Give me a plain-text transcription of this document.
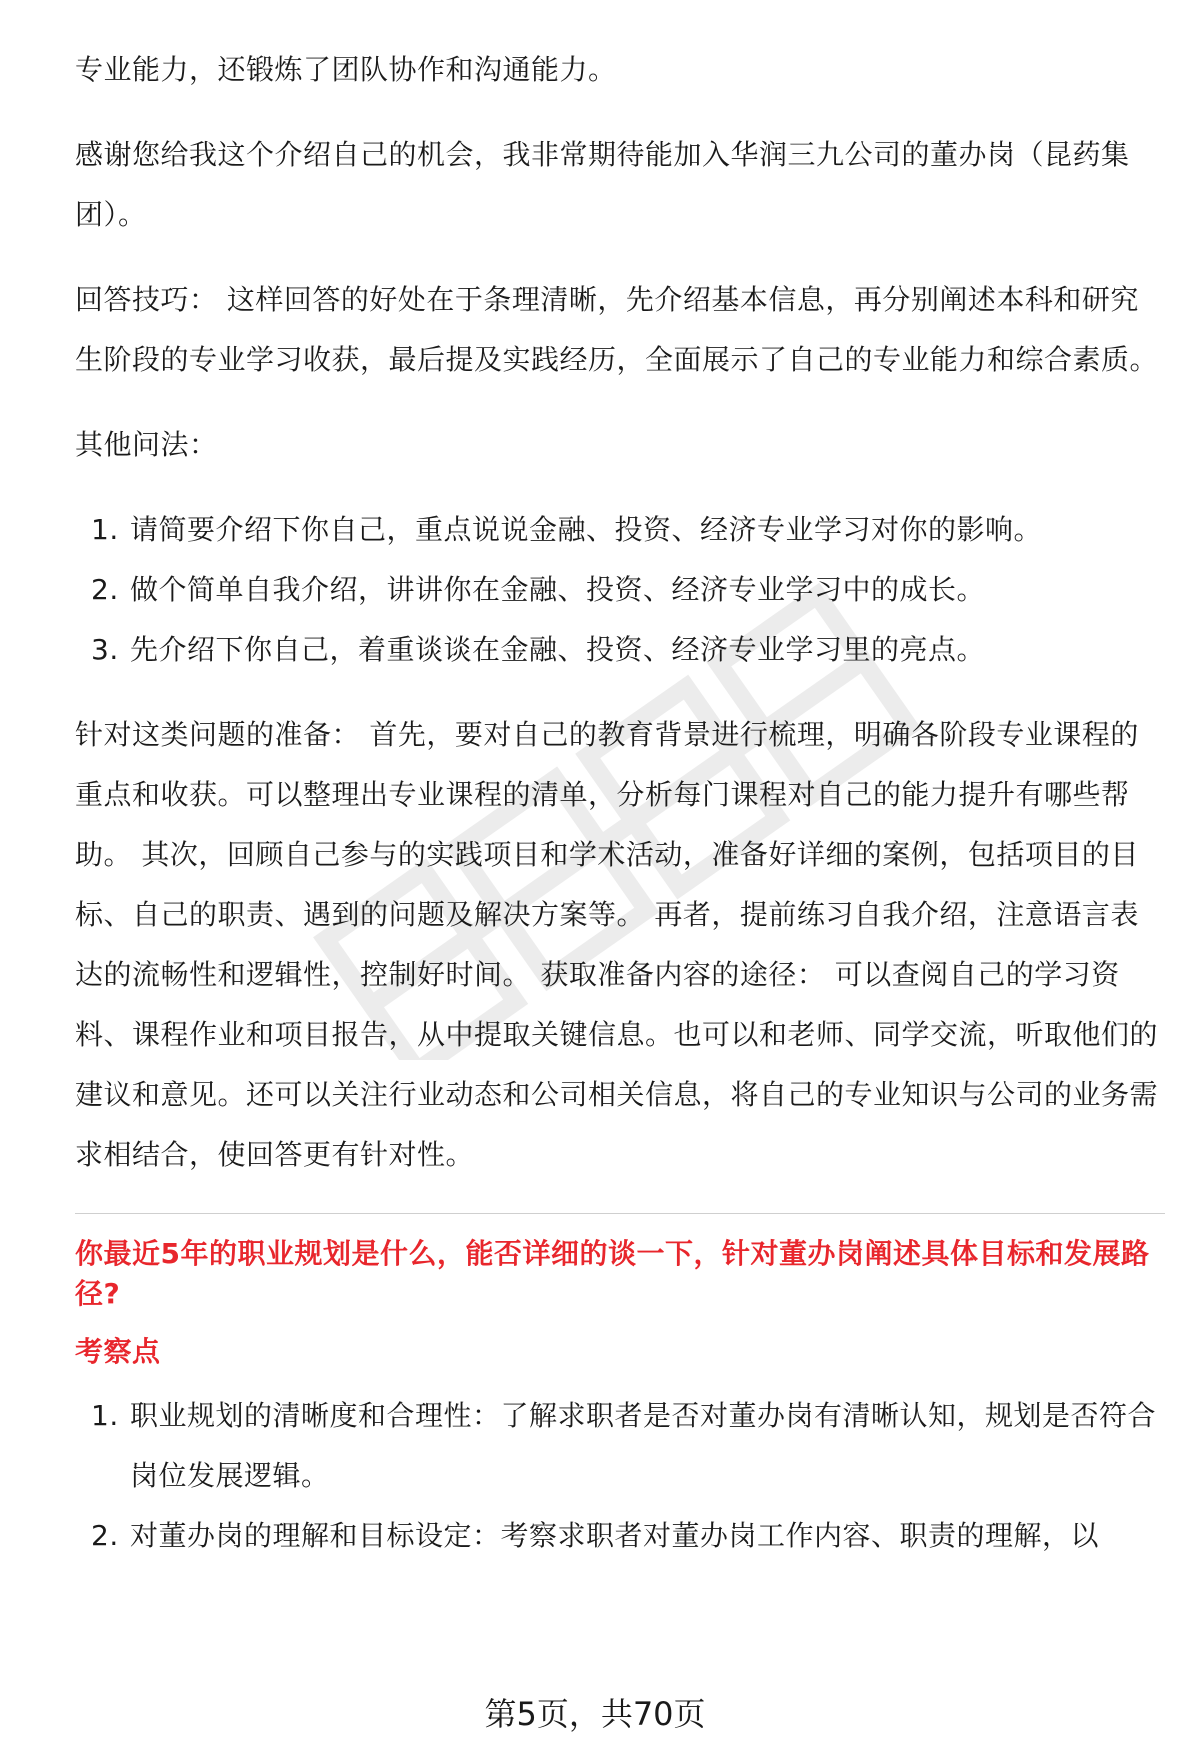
专业能力，还锻炼了团队协作和沟通能力。

感谢您给我这个介绍自己的机会，我非常期待能加入华润三九公司的董办岗（昆药集团）。

回答技巧： 这样回答的好处在于条理清晰，先介绍基本信息，再分别阐述本科和研究生阶段的专业学习收获，最后提及实践经历，全面展示了自己的专业能力和综合素质。

其他问法：

1. 请简要介绍下你自己，重点说说金融、投资、经济专业学习对你的影响。
2. 做个简单自我介绍，讲讲你在金融、投资、经济专业学习中的成长。
3. 先介绍下你自己，着重谈谈在金融、投资、经济专业学习里的亮点。

针对这类问题的准备： 首先，要对自己的教育背景进行梳理，明确各阶段专业课程的重点和收获。可以整理出专业课程的清单，分析每门课程对自己的能力提升有哪些帮助。 其次，回顾自己参与的实践项目和学术活动，准备好详细的案例，包括项目的目标、自己的职责、遇到的问题及解决方案等。 再者，提前练习自我介绍，注意语言表达的流畅性和逻辑性，控制好时间。 获取准备内容的途径： 可以查阅自己的学习资料、课程作业和项目报告，从中提取关键信息。也可以和老师、同学交流，听取他们的建议和意见。还可以关注行业动态和公司相关信息，将自己的专业知识与公司的业务需求相结合，使回答更有针对性。

你最近5年的职业规划是什么，能否详细的谈一下，针对董办岗阐述具体目标和发展路径?

考察点

1. 职业规划的清晰度和合理性：了解求职者是否对董办岗有清晰认知，规划是否符合岗位发展逻辑。
2. 对董办岗的理解和目标设定：考察求职者对董办岗工作内容、职责的理解，以
第5页，共70页
